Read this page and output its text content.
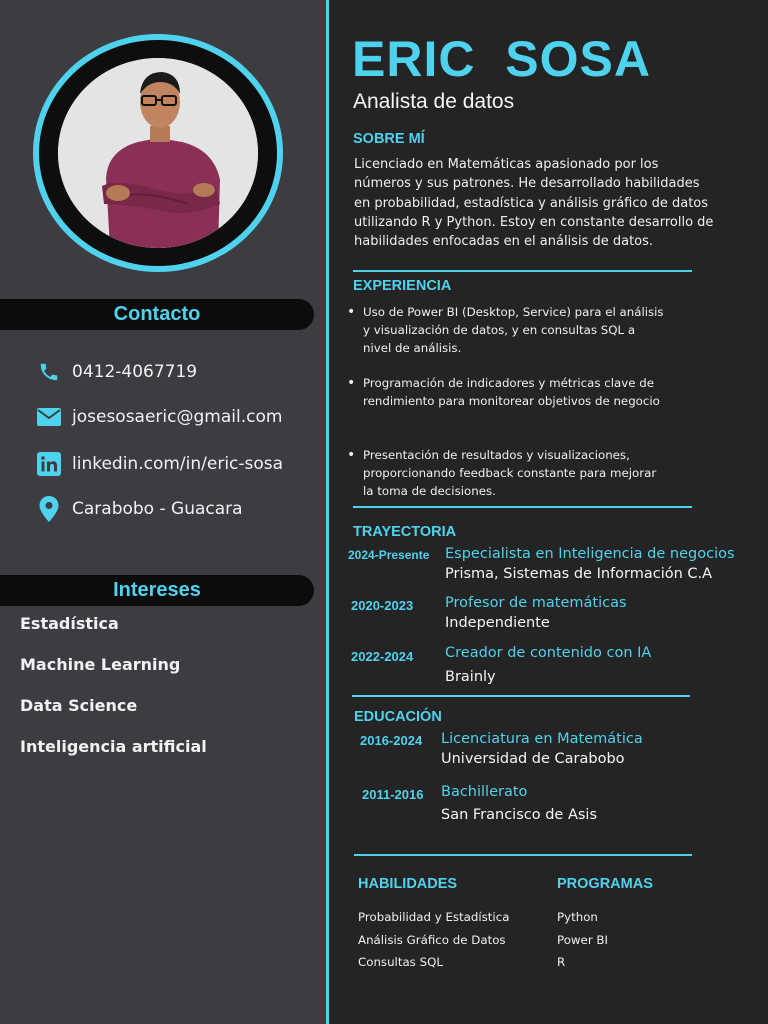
Contacto
0412-4067719
josesosaeric@gmail.com
linkedin.com/in/eric-sosa
Carabobo - Guacara
Intereses
Estadística
Machine Learning
Data Science
Inteligencia artificial
ERIC  SOSA
Analista de datos
SOBRE MÍ
Licenciado en Matemáticas apasionado por los números y sus patrones. He desarrollado habilidades en probabilidad, estadística y análisis gráfico de datos utilizando R y Python. Estoy en constante desarrollo de habilidades enfocadas en el análisis de datos.
EXPERIENCIA
• Uso de Power BI (Desktop, Service) para el análisis y visualización de datos, y en consultas SQL a nivel de análisis.
• Programación de indicadores y métricas clave de rendimiento para monitorear objetivos de negocio
• Presentación de resultados y visualizaciones, proporcionando feedback constante para mejorar la toma de decisiones.
TRAYECTORIA
2024-Presente Especialista en Inteligencia de negocios
Prisma, Sistemas de Información C.A
2020-2023 Profesor de matemáticas
Independiente
2022-2024 Creador de contenido con IA
Brainly
EDUCACIÓN
2016-2024 Licenciatura en Matemática
Universidad de Carabobo
2011-2016 Bachillerato
San Francisco de Asis
HABILIDADES
Probabilidad y Estadística
Análisis Gráfico de Datos
Consultas SQL
PROGRAMAS
Python
Power BI
R
